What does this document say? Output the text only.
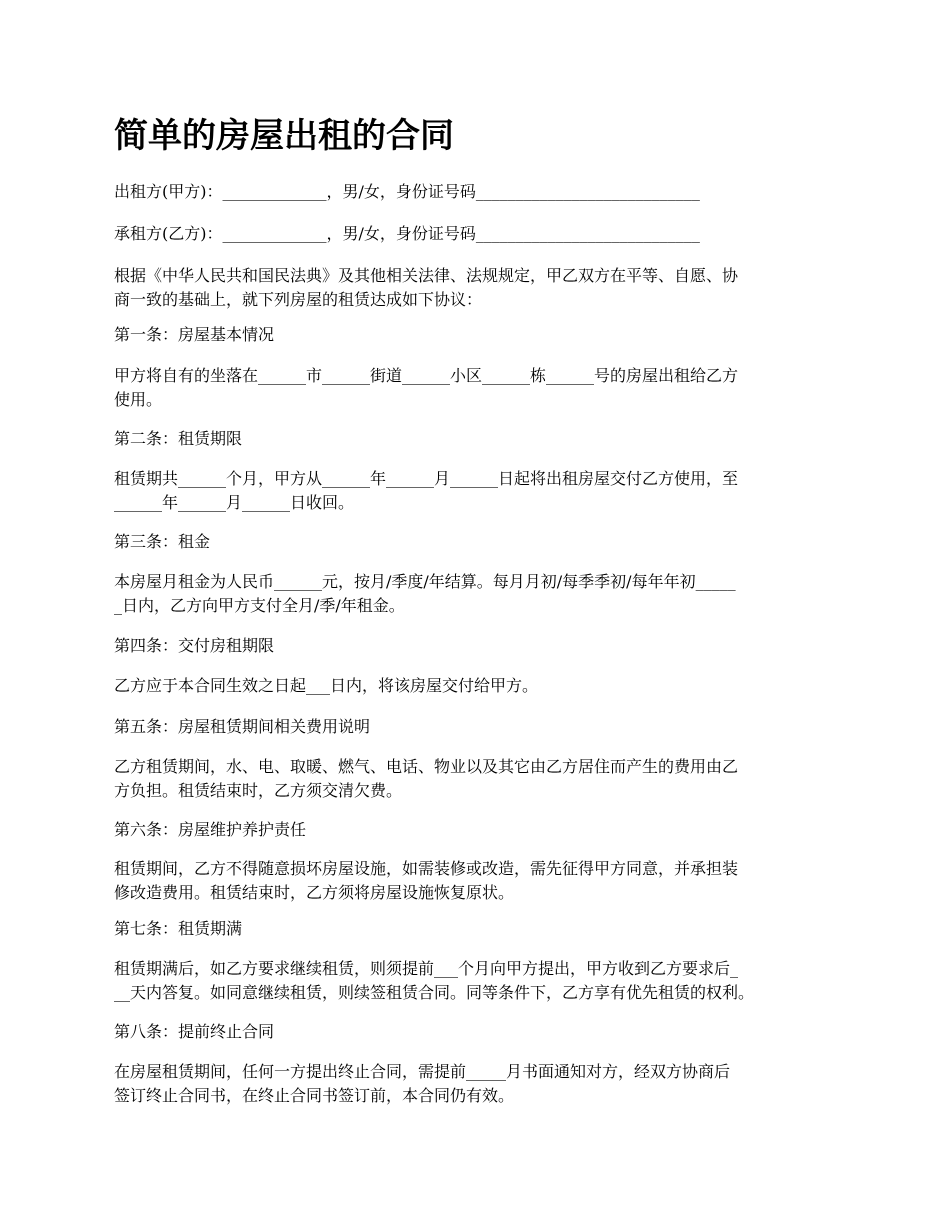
简单的房屋出租的合同

出租方(甲方)：_____________，男/女，身份证号码____________________________

承租方(乙方)：_____________，男/女，身份证号码____________________________

根据《中华人民共和国民法典》及其他相关法律、法规规定，甲乙双方在平等、自愿、协
商一致的基础上，就下列房屋的租赁达成如下协议：

第一条：房屋基本情况

甲方将自有的坐落在______市______街道______小区______栋______号的房屋出租给乙方
使用。

第二条：租赁期限

租赁期共______个月，甲方从______年______月______日起将出租房屋交付乙方使用，至
______年______月______日收回。

第三条：租金

本房屋月租金为人民币______元，按月/季度/年结算。每月月初/每季季初/每年年初_____
_日内，乙方向甲方支付全月/季/年租金。

第四条：交付房租期限

乙方应于本合同生效之日起___日内，将该房屋交付给甲方。

第五条：房屋租赁期间相关费用说明

乙方租赁期间，水、电、取暖、燃气、电话、物业以及其它由乙方居住而产生的费用由乙
方负担。租赁结束时，乙方须交清欠费。

第六条：房屋维护养护责任

租赁期间，乙方不得随意损坏房屋设施，如需装修或改造，需先征得甲方同意，并承担装
修改造费用。租赁结束时，乙方须将房屋设施恢复原状。

第七条：租赁期满

租赁期满后，如乙方要求继续租赁，则须提前___个月向甲方提出，甲方收到乙方要求后_
__天内答复。如同意继续租赁，则续签租赁合同。同等条件下，乙方享有优先租赁的权利。

第八条：提前终止合同

在房屋租赁期间，任何一方提出终止合同，需提前_____月书面通知对方，经双方协商后
签订终止合同书，在终止合同书签订前，本合同仍有效。
